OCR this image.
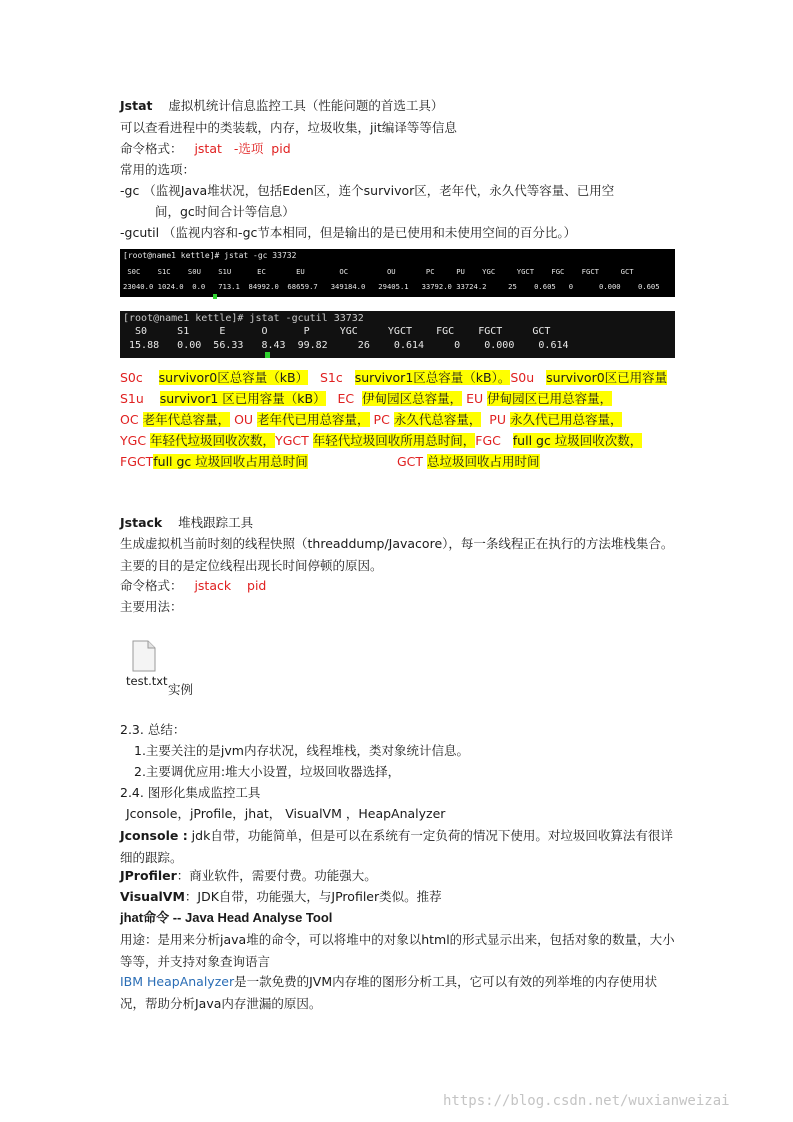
Jstat 虚拟机统计信息监控工具（性能问题的首选工具）
可以查看进程中的类装载，内存，垃圾收集，jit编译等等信息
命令格式： jstat -选项 pid
常用的选项：
-gc （监视Java堆状况，包括Eden区，连个survivor区，老年代，永久代等容量、已用空
间，gc时间合计等信息）
-gcutil （监视内容和-gc节本相同，但是输出的是已使用和未使用空间的百分比。）
[root@name1 kettle]# jstat -gc 33732
S0C    S1C    S0U    S1U      EC       EU        OC         OU       PC     PU    YGC     YGCT    FGC    FGCT     GCT
23040.0 1024.0  0.0   713.1  84992.0  68659.7   349184.0   29405.1   33792.0 33724.2     25    0.605   0      0.000    0.605
[root@name1 kettle]# jstat -gcutil 33732
S0     S1     E      O      P     YGC     YGCT    FGC    FGCT     GCT
15.88   0.00  56.33   8.43  99.82     26    0.614     0    0.000    0.614
S0c survivor0区总容量（kB） S1c survivor1区总容量（kB）。S0u survivor0区已用容量
S1u survivor1 区已用容量（kB） EC 伊甸园区总容量， EU 伊甸园区已用总容量，
OC 老年代总容量， OU 老年代已用总容量， PC 永久代总容量， PU 永久代已用总容量，
YGC 年轻代垃圾回收次数，YGCT 年轻代垃圾回收所用总时间，FGC full gc 垃圾回收次数，
FGCTfull gc 垃圾回收占用总时间	GCT 总垃圾回收占用时间
Jstack 堆栈跟踪工具
生成虚拟机当前时刻的线程快照（threaddump/Javacore），每一条线程正在执行的方法堆栈集合。主要的目的是定位线程出现长时间停顿的原因。
命令格式： jstack pid
主要用法：
test.txt
实例
2.3. 总结：
1.主要关注的是jvm内存状况，线程堆栈，类对象统计信息。
2.主要调优应用:堆大小设置，垃圾回收器选择，
2.4. 图形化集成监控工具
Jconsole，jProfile，jhat， VisualVM ，HeapAnalyzer
Jconsole : jdk自带，功能简单，但是可以在系统有一定负荷的情况下使用。对垃圾回收算法有很详细的跟踪。
JProfiler：商业软件，需要付费。功能强大。
VisualVM：JDK自带，功能强大，与JProfiler类似。推荐
jhat命令 -- Java Head Analyse Tool
用途：是用来分析java堆的命令，可以将堆中的对象以html的形式显示出来，包括对象的数量，大小等等，并支持对象查询语言
IBM HeapAnalyzer是一款免费的JVM内存堆的图形分析工具，它可以有效的列举堆的内存使用状况，帮助分析Java内存泄漏的原因。
https://blog.csdn.net/wuxianweizai
